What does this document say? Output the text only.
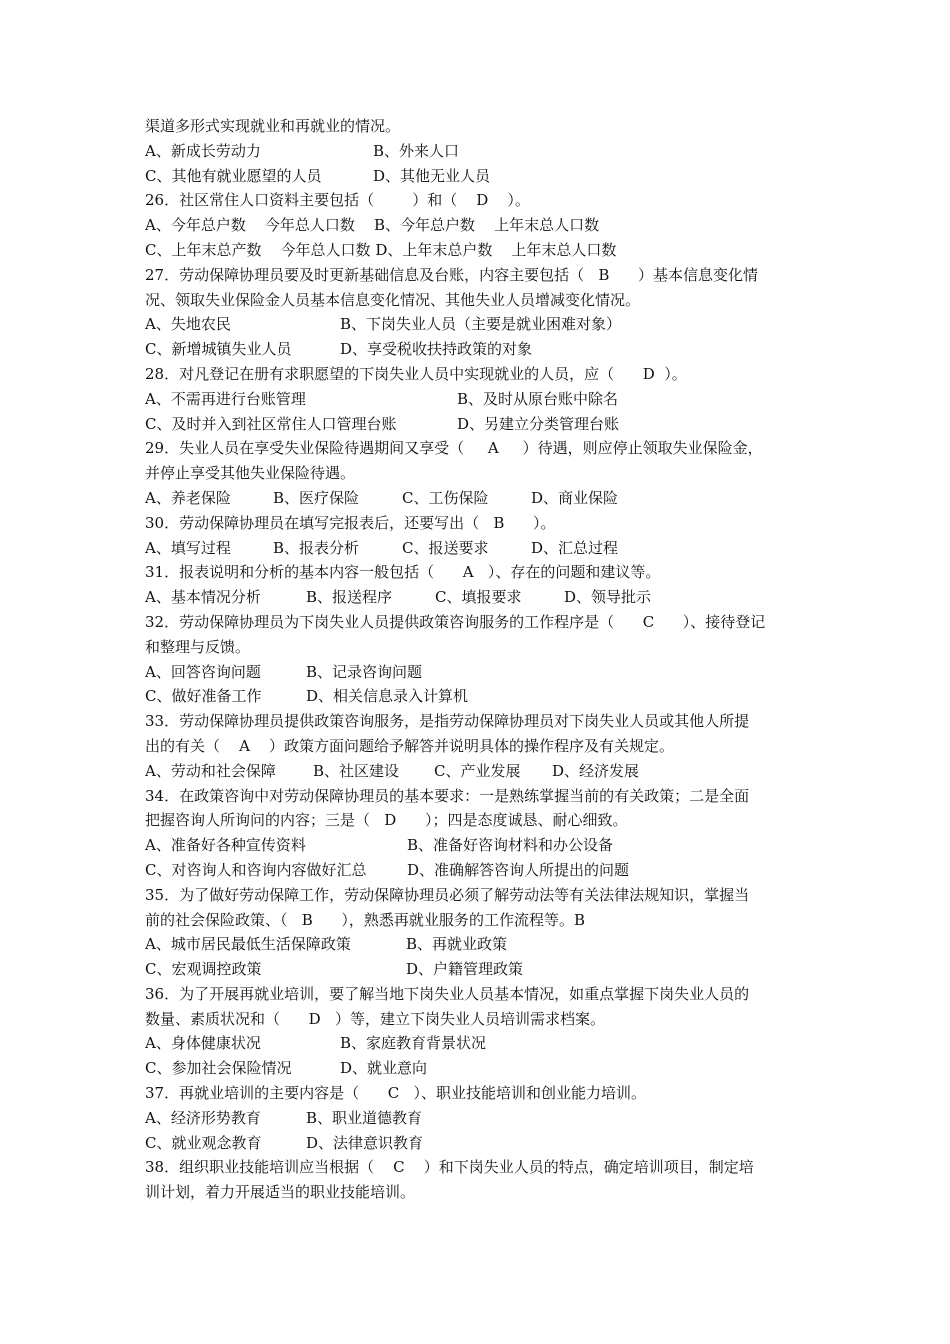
渠道多形式实现就业和再就业的情况。
A、新成长劳动力	B、外来人口
C、其他有就业愿望的人员	D、其他无业人员
26．社区常住人口资料主要包括（        ）和（    D    ）。
A、今年总户数    今年总人口数    B、今年总户数    上年末总人口数
C、上年末总产数    今年总人口数 D、上年末总户数    上年末总人口数
27．劳动保障协理员要及时更新基础信息及台账，内容主要包括（   B      ）基本信息变化情
况、领取失业保险金人员基本信息变化情况、其他失业人员增减变化情况。
A、失地农民	B、下岗失业人员（主要是就业困难对象）
C、新增城镇失业人员	D、享受税收扶持政策的对象
28．对凡登记在册有求职愿望的下岗失业人员中实现就业的人员，应（      D  ）。
A、不需再进行台账管理	B、及时从原台账中除名
C、及时并入到社区常住人口管理台账	D、另建立分类管理台账
29．失业人员在享受失业保险待遇期间又享受（     A     ）待遇，则应停止领取失业保险金，
并停止享受其他失业保险待遇。
A、养老保险	B、医疗保险	C、工伤保险	D、商业保险
30．劳动保障协理员在填写完报表后，还要写出（   B      ）。
A、填写过程	B、报表分析	C、报送要求	D、汇总过程
31．报表说明和分析的基本内容一般包括（      A   ）、存在的问题和建议等。
A、基本情况分析	B、报送程序	C、填报要求	D、领导批示
32．劳动保障协理员为下岗失业人员提供政策咨询服务的工作程序是（      C      ）、接待登记
和整理与反馈。
A、回答咨询问题	B、记录咨询问题
C、做好准备工作	D、相关信息录入计算机
33．劳动保障协理员提供政策咨询服务，是指劳动保障协理员对下岗失业人员或其他人所提
出的有关（    A    ）政策方面问题给予解答并说明具体的操作程序及有关规定。
A、劳动和社会保障 B、社区建设 C、产业发展 D、经济发展
34．在政策咨询中对劳动保障协理员的基本要求：一是熟练掌握当前的有关政策；二是全面
把握咨询人所询问的内容；三是（   D      ）；四是态度诚恳、耐心细致。
A、准备好各种宣传资料	B、准备好咨询材料和办公设备
C、对咨询人和咨询内容做好汇总	D、准确解答咨询人所提出的问题
35．为了做好劳动保障工作，劳动保障协理员必须了解劳动法等有关法律法规知识，掌握当
前的社会保险政策、（   B      ），熟悉再就业服务的工作流程等。B
A、城市居民最低生活保障政策	B、再就业政策
C、宏观调控政策	D、户籍管理政策
36．为了开展再就业培训，要了解当地下岗失业人员基本情况，如重点掌握下岗失业人员的
数量、素质状况和（      D   ）等，建立下岗失业人员培训需求档案。
A、身体健康状况	B、家庭教育背景状况
C、参加社会保险情况	D、就业意向
37．再就业培训的主要内容是（      C   ）、职业技能培训和创业能力培训。
A、经济形势教育	B、职业道德教育
C、就业观念教育	D、法律意识教育
38．组织职业技能培训应当根据（    C    ）和下岗失业人员的特点，确定培训项目，制定培
训计划，着力开展适当的职业技能培训。
